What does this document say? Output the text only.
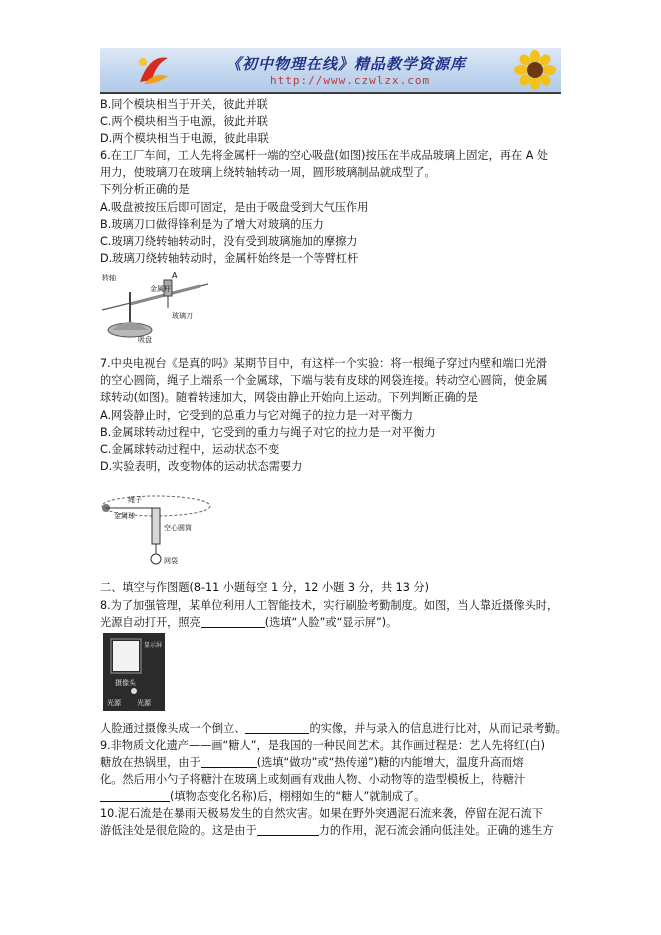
《初中物理在线》精品教学资源库
http://www.czwlzx.com
B.同个模块相当于开关，彼此并联
C.两个模块相当于电源，彼此并联
D.两个模块相当于电源，彼此串联
6.在工厂车间，工人先将金属杆一端的空心吸盘(如图)按压在半成品玻璃上固定，再在 A 处
用力，使玻璃刀在玻璃上绕转轴转动一周，圆形玻璃制品就成型了。
下列分析正确的是
A.吸盘被按压后即可固定，是由于吸盘受到大气压作用
B.玻璃刀口做得锋利是为了增大对玻璃的压力
C.玻璃刀绕转轴转动时，没有受到玻璃施加的摩擦力
D.玻璃刀绕转轴转动时，金属杆始终是一个等臂杠杆
A
转轴
金属杆
玻璃刀
吸盘
7.中央电视台《是真的吗》某期节目中，有这样一个实验：将一根绳子穿过内壁和端口光滑
的空心圆筒，绳子上端系一个金属球，下端与装有皮球的网袋连接。转动空心圆筒，使金属
球转动(如图)。随着转速加大，网袋由静止开始向上运动。下列判断正确的是
A.网袋静止时，它受到的总重力与它对绳子的拉力是一对平衡力
B.金属球转动过程中，它受到的重力与绳子对它的拉力是一对平衡力
C.金属球转动过程中，运动状态不变
D.实验表明，改变物体的运动状态需要力
绳子
金属球
空心圆筒
网袋
二、填空与作图题(8-11 小题每空 1 分，12 小题 3 分，共 13 分)
8.为了加强管理，某单位利用人工智能技术，实行刷脸考勤制度。如图，当人靠近摄像头时，
光源自动打开，照亮	(选填“人脸”或“显示屏”)。
显示屏
摄像头
光源 光源
人脸通过摄像头成一个倒立、	的实像，并与录入的信息进行比对，从而记录考勤。
9.非物质文化遗产——画“糖人”，是我国的一种民间艺术。其作画过程是：艺人先将红(白)
糖放在热锅里，由于	(选填“做功”或“热传递”)糖的内能增大，温度升高而熔
化。然后用小勺子将糖汁在玻璃上或刻画有戏曲人物、小动物等的造型模板上，待糖汁
(填物态变化名称)后，栩栩如生的“糖人”就制成了。
10.泥石流是在暴雨天极易发生的自然灾害。如果在野外突遇泥石流来袭，停留在泥石流下
游低洼处是很危险的。这是由于	力的作用，泥石流会涌向低洼处。正确的逃生方
